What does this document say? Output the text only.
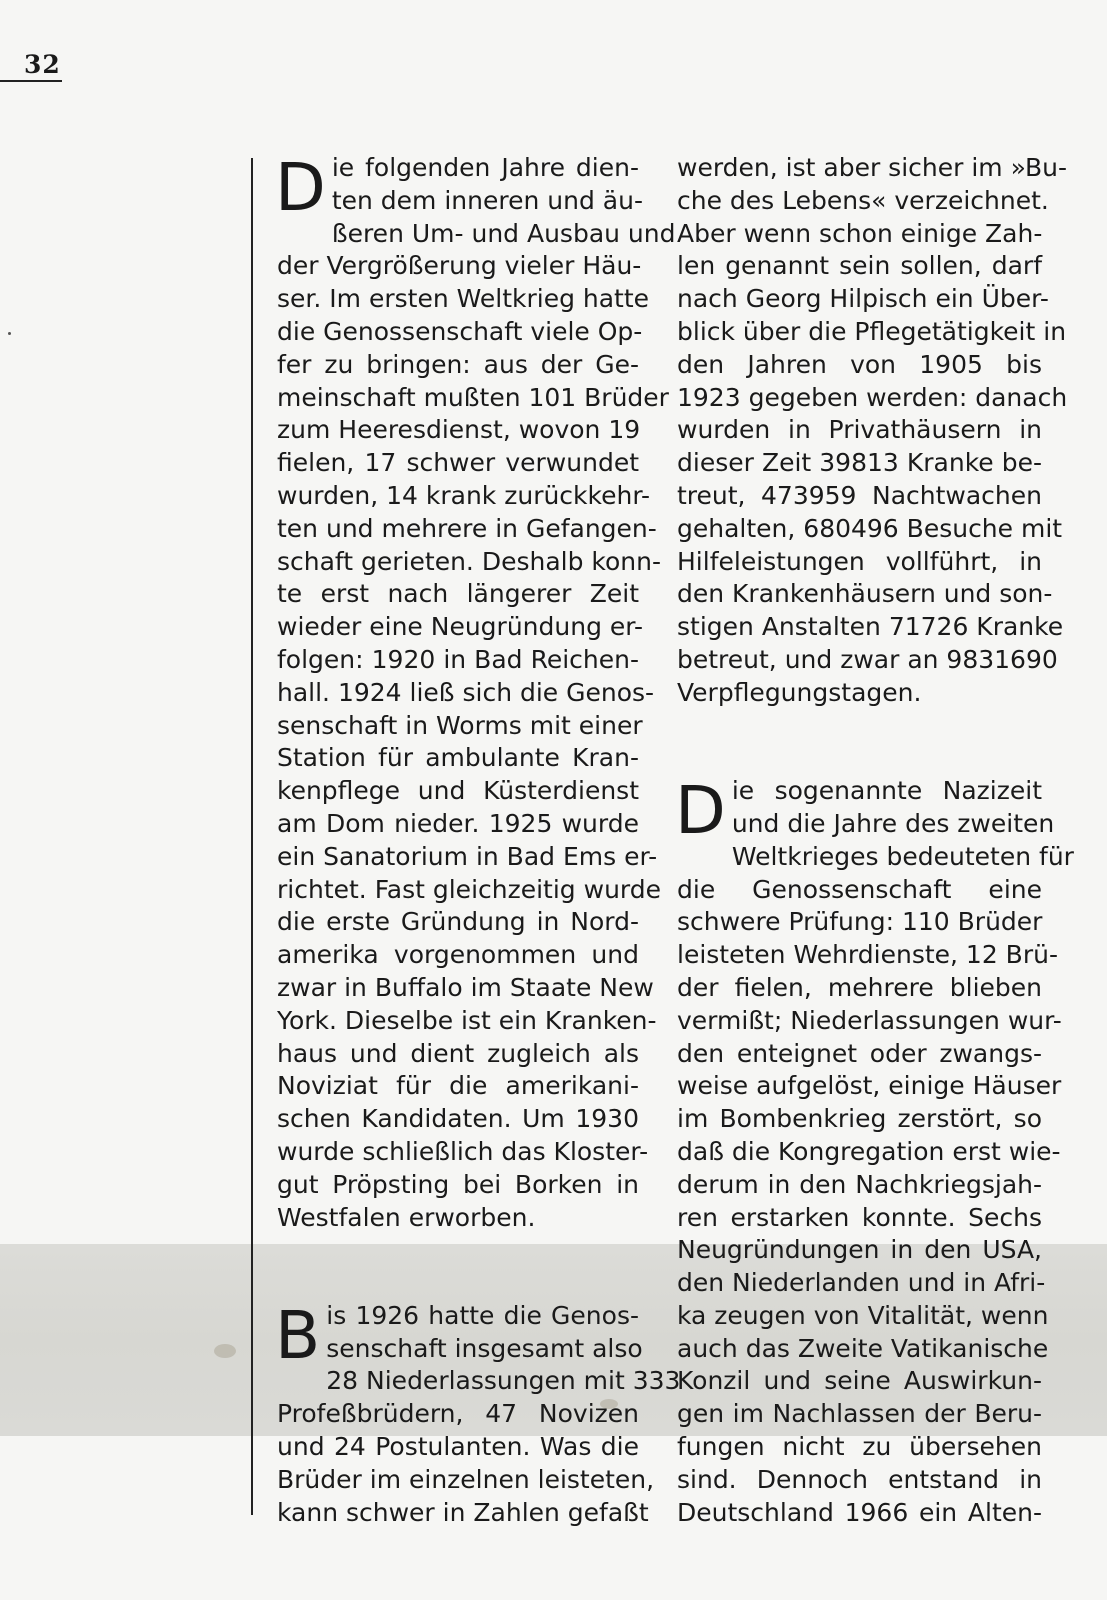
32

D ie folgenden Jahre dien-
ten dem inneren und äu-
ßeren Um- und Ausbau und
der Vergrößerung vieler Häu-
ser. Im ersten Weltkrieg hatte
die Genossenschaft viele Op-
fer zu bringen: aus der Ge-
meinschaft mußten 101 Brüder
zum Heeresdienst, wovon 19
fielen, 17 schwer verwundet
wurden, 14 krank zurückkehr-
ten und mehrere in Gefangen-
schaft gerieten. Deshalb konn-
te erst nach längerer Zeit
wieder eine Neugründung er-
folgen: 1920 in Bad Reichen-
hall. 1924 ließ sich die Genos-
senschaft in Worms mit einer
Station für ambulante Kran-
kenpflege und Küsterdienst
am Dom nieder. 1925 wurde
ein Sanatorium in Bad Ems er-
richtet. Fast gleichzeitig wurde
die erste Gründung in Nord-
amerika vorgenommen und
zwar in Buffalo im Staate New
York. Dieselbe ist ein Kranken-
haus und dient zugleich als
Noviziat für die amerikani-
schen Kandidaten. Um 1930
wurde schließlich das Kloster-
gut Pröpsting bei Borken in
Westfalen erworben.

B is 1926 hatte die Genos-
senschaft insgesamt also
28 Niederlassungen mit 333
Profeßbrüdern, 47 Novizen
und 24 Postulanten. Was die
Brüder im einzelnen leisteten,
kann schwer in Zahlen gefaßt

werden, ist aber sicher im »Bu-
che des Lebens« verzeichnet.
Aber wenn schon einige Zah-
len genannt sein sollen, darf
nach Georg Hilpisch ein Über-
blick über die Pflegetätigkeit in
den Jahren von 1905 bis
1923 gegeben werden: danach
wurden in Privathäusern in
dieser Zeit 39813 Kranke be-
treut, 473959 Nachtwachen
gehalten, 680496 Besuche mit
Hilfeleistungen vollführt, in
den Krankenhäusern und son-
stigen Anstalten 71726 Kranke
betreut, und zwar an 9831690
Verpflegungstagen.

D ie sogenannte Nazizeit
und die Jahre des zweiten
Weltkrieges bedeuteten für
die Genossenschaft eine
schwere Prüfung: 110 Brüder
leisteten Wehrdienste, 12 Brü-
der fielen, mehrere blieben
vermißt; Niederlassungen wur-
den enteignet oder zwangs-
weise aufgelöst, einige Häuser
im Bombenkrieg zerstört, so
daß die Kongregation erst wie-
derum in den Nachkriegsjah-
ren erstarken konnte. Sechs
Neugründungen in den USA,
den Niederlanden und in Afri-
ka zeugen von Vitalität, wenn
auch das Zweite Vatikanische
Konzil und seine Auswirkun-
gen im Nachlassen der Beru-
fungen nicht zu übersehen
sind. Dennoch entstand in
Deutschland 1966 ein Alten-
